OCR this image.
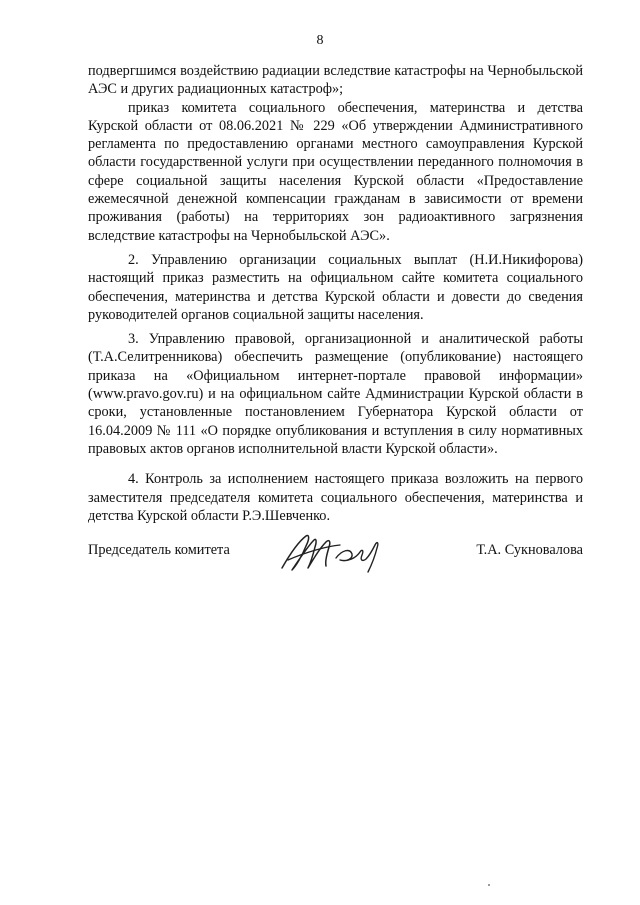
8

подвергшимся воздействию радиации вследствие катастрофы на Чернобыльской АЭС и других радиационных катастроф»;

приказ комитета социального обеспечения, материнства и детства Курской области от 08.06.2021 № 229 «Об утверждении Административного регламента по предоставлению органами местного самоуправления Курской области государственной услуги при осуществлении переданного полномочия в сфере социальной защиты населения Курской области «Предоставление ежемесячной денежной компенсации гражданам в зависимости от времени проживания (работы) на территориях зон радиоактивного загрязнения вследствие катастрофы на Чернобыльской АЭС».

2. Управлению организации социальных выплат (Н.И.Никифорова) настоящий приказ разместить на официальном сайте комитета социального обеспечения, материнства и детства Курской области и довести до сведения руководителей органов социальной защиты населения.

3. Управлению правовой, организационной и аналитической работы (Т.А.Селитренникова) обеспечить размещение (опубликование) настоящего приказа на «Официальном интернет-портале правовой информации» (www.pravo.gov.ru) и на официальном сайте Администрации Курской области в сроки, установленные постановлением Губернатора Курской области от 16.04.2009 № 111 «О порядке опубликования и вступления в силу нормативных правовых актов органов исполнительной власти Курской области».

4. Контроль за исполнением настоящего приказа возложить на первого заместителя председателя комитета социального обеспечения, материнства и детства Курской области Р.Э.Шевченко.

Председатель комитета	Т.А. Сукновалова
